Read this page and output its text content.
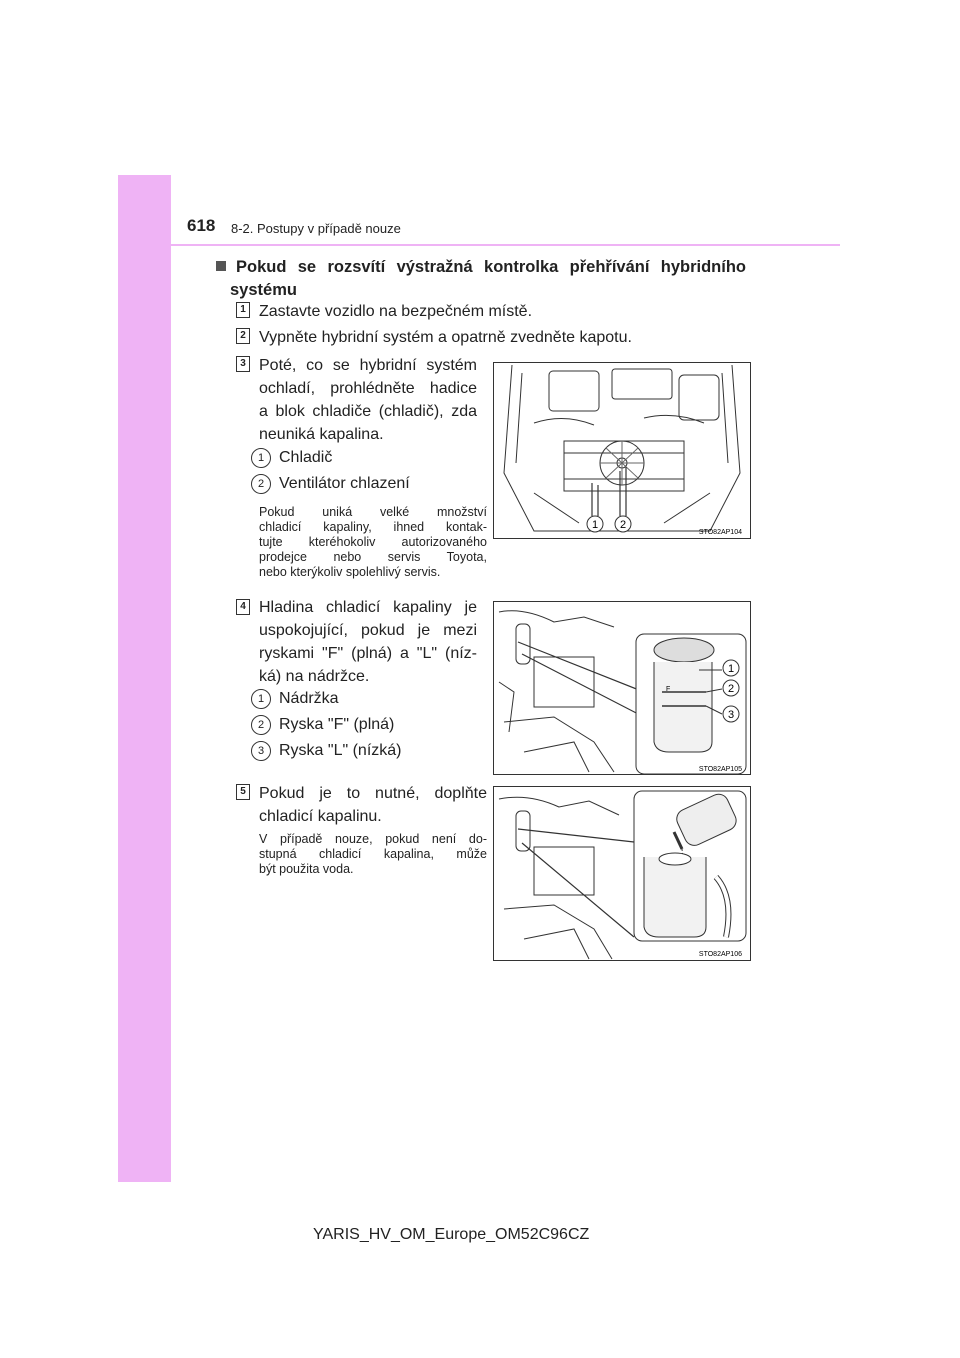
618 8-2. Postupy v případě nouze
Pokud se rozsvítí výstražná kontrolka přehřívání hybridního
systému
1 Zastavte vozidlo na bezpečném místě.
2 Vypněte hybridní systém a opatrně zvedněte kapotu.
3 Poté, co se hybridní systém
ochladí, prohlédněte hadice
a blok chladiče (chladič), zda
neuniká kapalina.
1 Chladič
2 Ventilátor chlazení
Pokud uniká velké množství
chladicí kapaliny, ihned kontak-
tujte kteréhokoliv autorizovaného
prodejce nebo servis Toyota,
nebo kterýkoliv spolehlivý servis.
1 2
STO82AP104
4 Hladina chladicí kapaliny je
uspokojující, pokud je mezi
ryskami "F" (plná) a "L" (níz-
ká) na nádržce.
1 Nádržka
2 Ryska "F" (plná)
3 Ryska "L" (nízká)
F
1
2
3
STO82AP105
5 Pokud je to nutné, doplňte
chladicí kapalinu.
V případě nouze, pokud není do-
stupná chladicí kapalina, může
být použita voda.
STO82AP106
YARIS_HV_OM_Europe_OM52C96CZ
